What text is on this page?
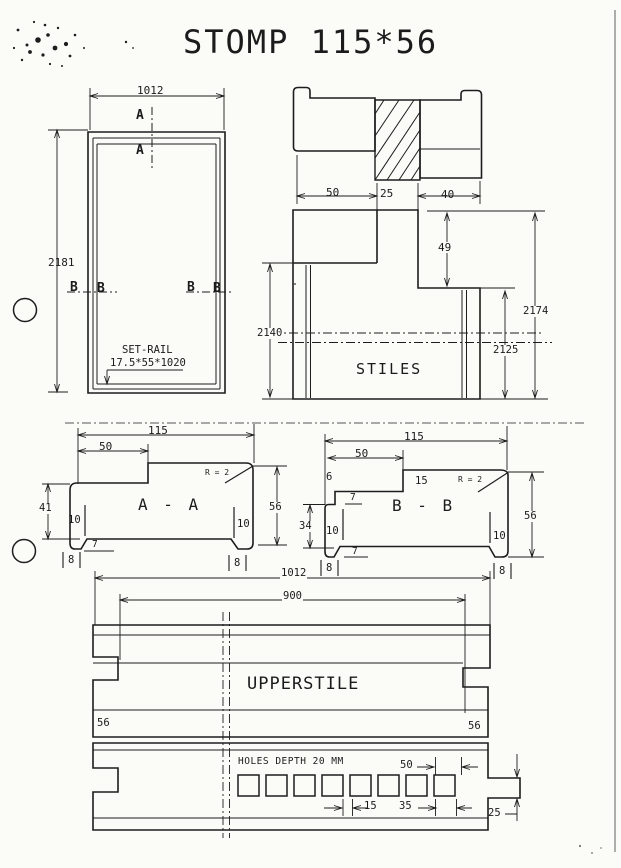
STOMP 115*56
1012
A
A
2181
B B	B B
SET-RAIL
17.5*55*1020
50	25	40
49
2140
2125
2174
STILES
115
50
R = 2
41
10	10
A - A	56
7
8	8
115
50
6	15	R = 2
7
34 10	10
B - B
56
7
8	8
1012
900
UPPERSTILE
56	56
HOLES DEPTH 20 MM	50
15 35
25
